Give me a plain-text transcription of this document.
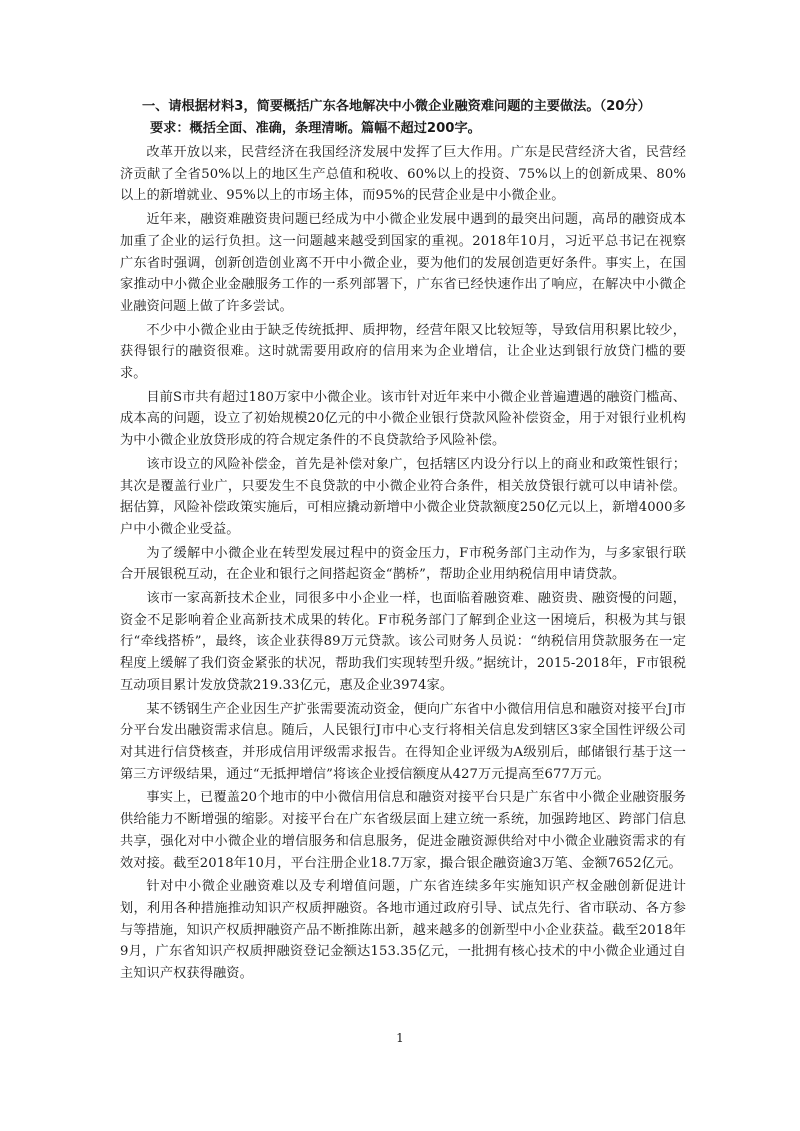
一、请根据材料3，简要概括广东各地解决中小微企业融资难问题的主要做法。（20分）
要求：概括全面、准确，条理清晰。篇幅不超过200字。

改革开放以来，民营经济在我国经济发展中发挥了巨大作用。广东是民营经济大省，民营经济贡献了全省50%以上的地区生产总值和税收、60%以上的投资、75%以上的创新成果、80%以上的新增就业、95%以上的市场主体，而95%的民营企业是中小微企业。

近年来，融资难融资贵问题已经成为中小微企业发展中遇到的最突出问题，高昂的融资成本加重了企业的运行负担。这一问题越来越受到国家的重视。2018年10月，习近平总书记在视察广东省时强调，创新创造创业离不开中小微企业，要为他们的发展创造更好条件。事实上，在国家推动中小微企业金融服务工作的一系列部署下，广东省已经快速作出了响应，在解决中小微企业融资问题上做了许多尝试。

不少中小微企业由于缺乏传统抵押、质押物，经营年限又比较短等，导致信用积累比较少，获得银行的融资很难。这时就需要用政府的信用来为企业增信，让企业达到银行放贷门槛的要求。

目前S市共有超过180万家中小微企业。该市针对近年来中小微企业普遍遭遇的融资门槛高、成本高的问题，设立了初始规模20亿元的中小微企业银行贷款风险补偿资金，用于对银行业机构为中小微企业放贷形成的符合规定条件的不良贷款给予风险补偿。

该市设立的风险补偿金，首先是补偿对象广，包括辖区内设分行以上的商业和政策性银行；其次是覆盖行业广，只要发生不良贷款的中小微企业符合条件，相关放贷银行就可以申请补偿。据估算，风险补偿政策实施后，可相应撬动新增中小微企业贷款额度250亿元以上，新增4000多户中小微企业受益。

为了缓解中小微企业在转型发展过程中的资金压力，F市税务部门主动作为，与多家银行联合开展银税互动，在企业和银行之间搭起资金“鹊桥”，帮助企业用纳税信用申请贷款。

该市一家高新技术企业，同很多中小企业一样，也面临着融资难、融资贵、融资慢的问题，资金不足影响着企业高新技术成果的转化。F市税务部门了解到企业这一困境后，积极为其与银行“牵线搭桥”，最终，该企业获得89万元贷款。该公司财务人员说：“纳税信用贷款服务在一定程度上缓解了我们资金紧张的状况，帮助我们实现转型升级。”据统计，2015-2018年，F市银税互动项目累计发放贷款219.33亿元，惠及企业3974家。

某不锈钢生产企业因生产扩张需要流动资金，便向广东省中小微信用信息和融资对接平台J市分平台发出融资需求信息。随后，人民银行J市中心支行将相关信息发到辖区3家全国性评级公司对其进行信贷核查，并形成信用评级需求报告。在得知企业评级为A级别后，邮储银行基于这一第三方评级结果，通过“无抵押增信”将该企业授信额度从427万元提高至677万元。

事实上，已覆盖20个地市的中小微信用信息和融资对接平台只是广东省中小微企业融资服务供给能力不断增强的缩影。对接平台在广东省级层面上建立统一系统，加强跨地区、跨部门信息共享，强化对中小微企业的增信服务和信息服务，促进金融资源供给对中小微企业融资需求的有效对接。截至2018年10月，平台注册企业18.7万家，撮合银企融资逾3万笔、金额7652亿元。

针对中小微企业融资难以及专利增值问题，广东省连续多年实施知识产权金融创新促进计划，利用各种措施推动知识产权质押融资。各地市通过政府引导、试点先行、省市联动、各方参与等措施，知识产权质押融资产品不断推陈出新，越来越多的创新型中小企业获益。截至2018年9月，广东省知识产权质押融资登记金额达153.35亿元，一批拥有核心技术的中小微企业通过自主知识产权获得融资。

1
